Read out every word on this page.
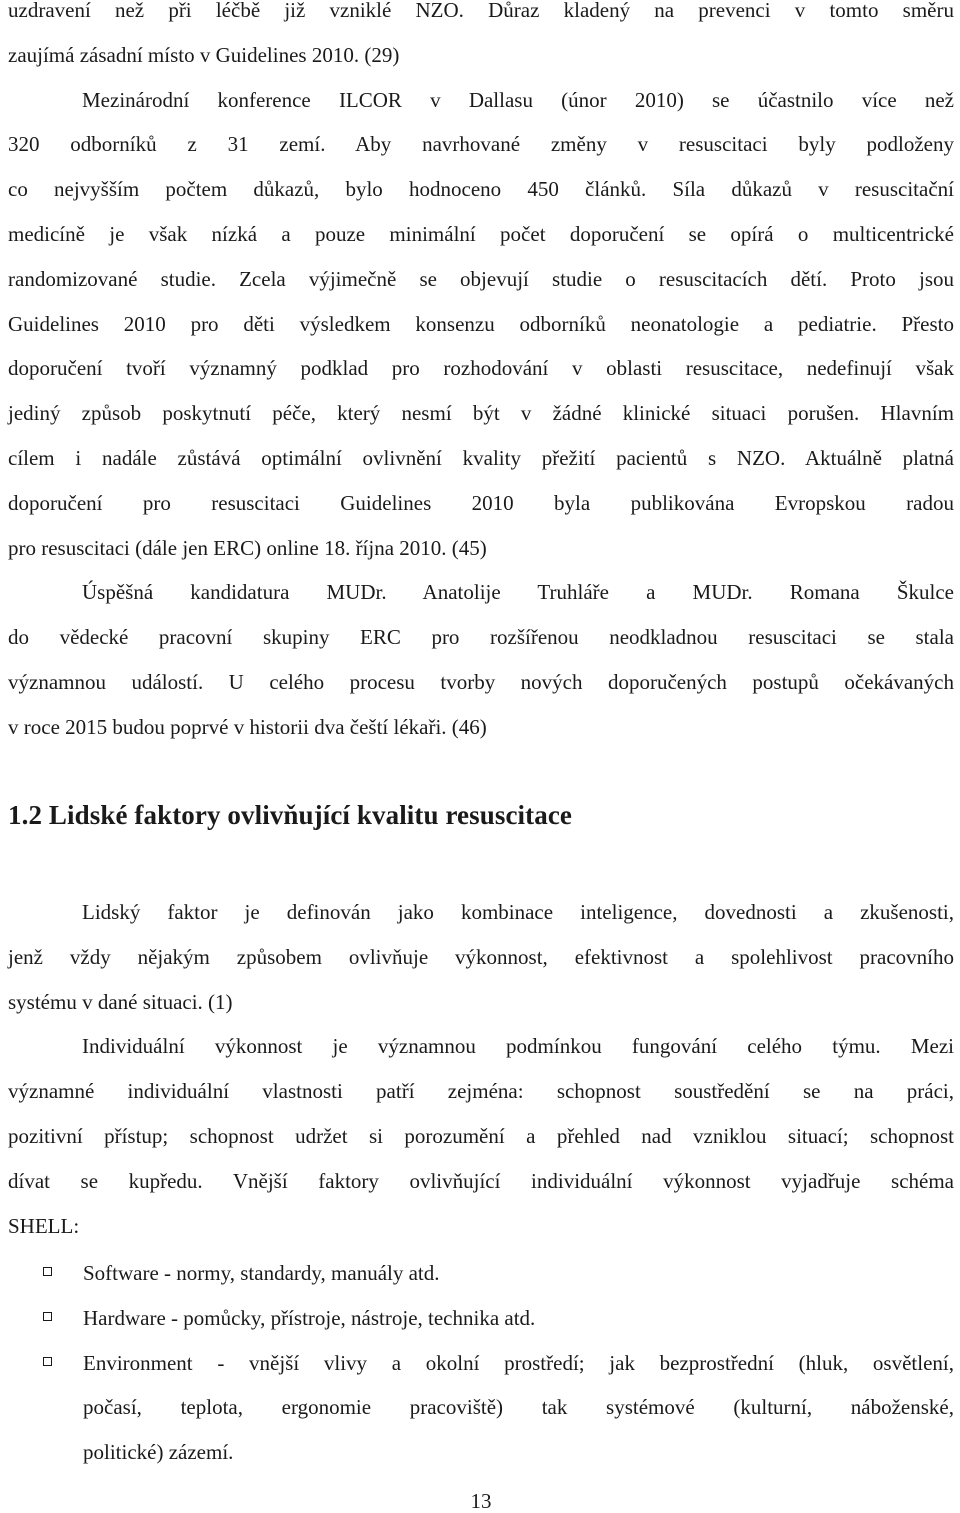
uzdravení než při léčbě již vzniklé NZO. Důraz kladený na prevenci v tomto směru
zaujímá zásadní místo v Guidelines 2010. (29)

Mezinárodní konference ILCOR v Dallasu (únor 2010) se účastnilo více než
320 odborníků z 31 zemí. Aby navrhované změny v resuscitaci byly podloženy
co nejvyšším počtem důkazů, bylo hodnoceno 450 článků. Síla důkazů v resuscitační
medicíně je však nízká a pouze minimální počet doporučení se opírá o multicentrické
randomizované studie. Zcela výjimečně se objevují studie o resuscitacích dětí. Proto jsou
Guidelines 2010 pro děti výsledkem konsenzu odborníků neonatologie a pediatrie. Přesto
doporučení tvoří významný podklad pro rozhodování v oblasti resuscitace, nedefinují však
jediný způsob poskytnutí péče, který nesmí být v žádné klinické situaci porušen. Hlavním
cílem i nadále zůstává optimální ovlivnění kvality přežití pacientů s NZO. Aktuálně platná
doporučení pro resuscitaci Guidelines 2010 byla publikována Evropskou radou
pro resuscitaci (dále jen ERC) online 18. října 2010. (45)

Úspěšná kandidatura MUDr. Anatolije Truhláře a MUDr. Romana Škulce
do vědecké pracovní skupiny ERC pro rozšířenou neodkladnou resuscitaci se stala
významnou událostí. U celého procesu tvorby nových doporučených postupů očekávaných
v roce 2015 budou poprvé v historii dva čeští lékaři. (46)

1.2 Lidské faktory ovlivňující kvalitu resuscitace

Lidský faktor je definován jako kombinace inteligence, dovednosti a zkušenosti,
jenž vždy nějakým způsobem ovlivňuje výkonnost, efektivnost a spolehlivost pracovního
systému v dané situaci. (1)

Individuální výkonnost je významnou podmínkou fungování celého týmu. Mezi
významné individuální vlastnosti patří zejména: schopnost soustředění se na práci,
pozitivní přístup; schopnost udržet si porozumění a přehled nad vzniklou situací; schopnost
dívat se kupředu. Vnější faktory ovlivňující individuální výkonnost vyjadřuje schéma
SHELL:

Software - normy, standardy, manuály atd.
Hardware - pomůcky, přístroje, nástroje, technika atd.
Environment - vnější vlivy a okolní prostředí; jak bezprostřední (hluk, osvětlení,
počasí, teplota, ergonomie pracoviště) tak systémové (kulturní, náboženské,
politické) zázemí.
13
